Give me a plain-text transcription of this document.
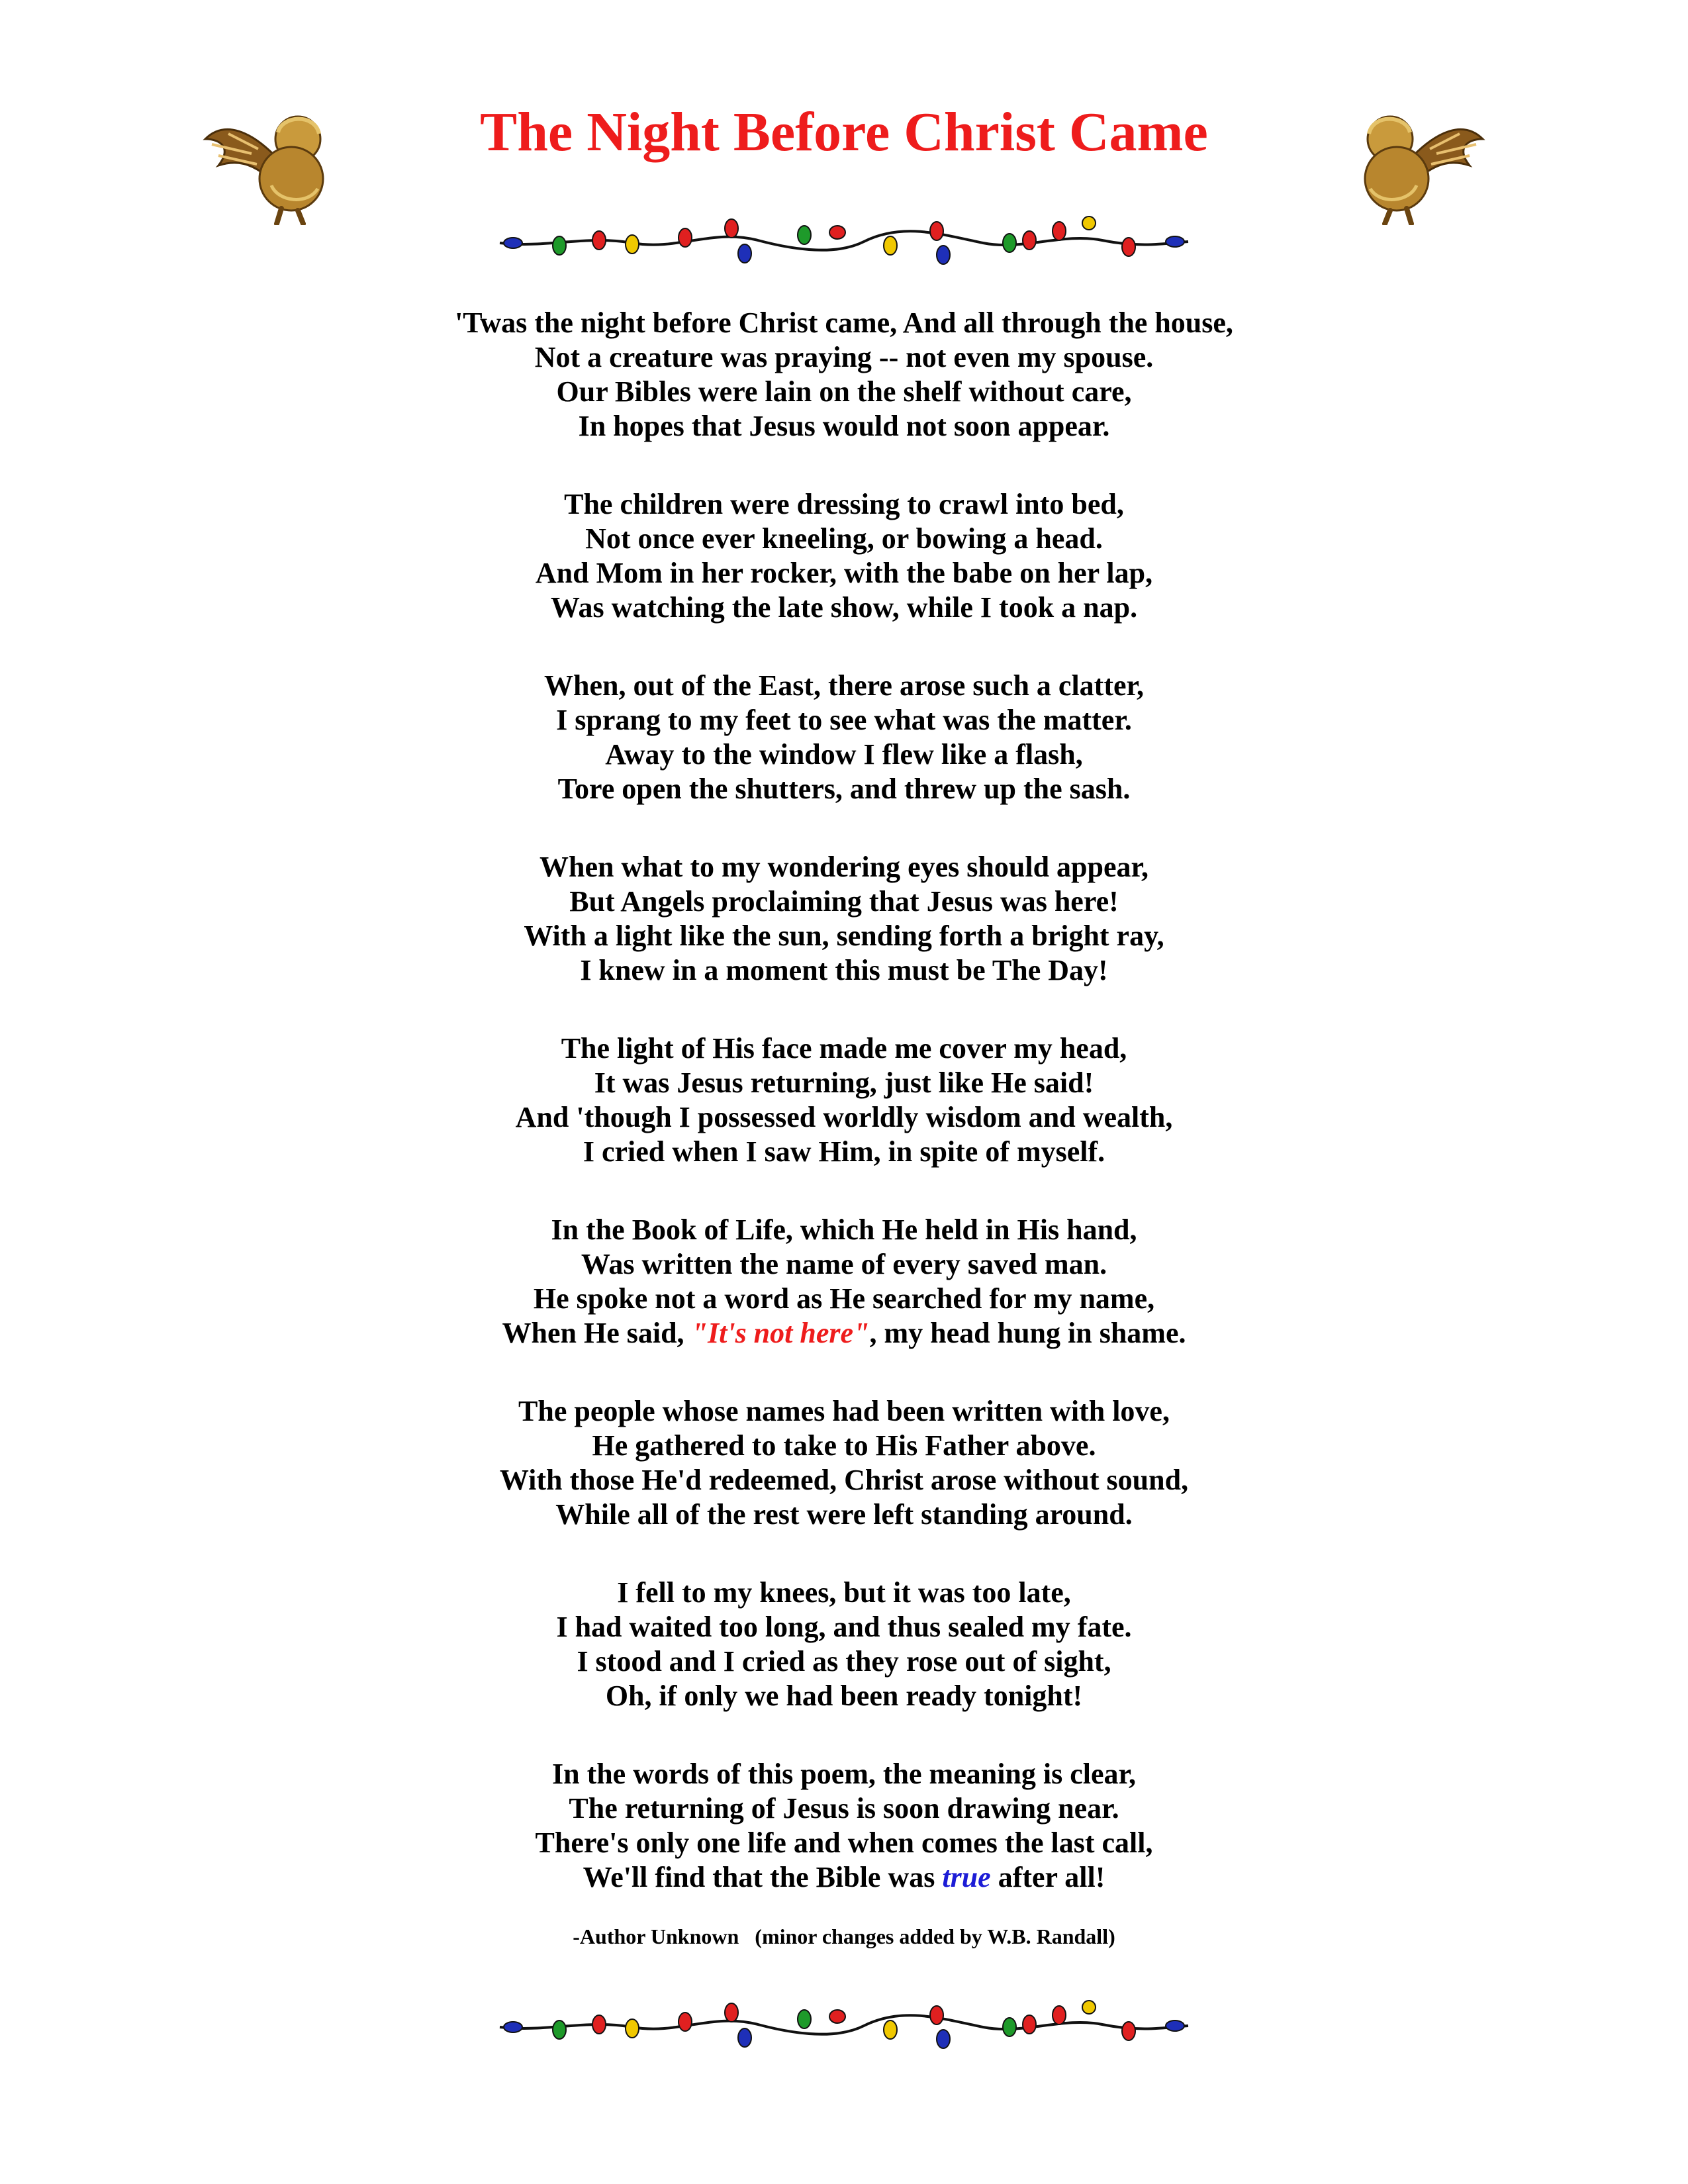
The Night Before Christ Came

'Twas the night before Christ came, And all through the house,
Not a creature was praying -- not even my spouse.
Our Bibles were lain on the shelf without care,
In hopes that Jesus would not soon appear.

The children were dressing to crawl into bed,
Not once ever kneeling, or bowing a head.
And Mom in her rocker, with the babe on her lap,
Was watching the late show, while I took a nap.

When, out of the East, there arose such a clatter,
I sprang to my feet to see what was the matter.
Away to the window I flew like a flash,
Tore open the shutters, and threw up the sash.

When what to my wondering eyes should appear,
But Angels proclaiming that Jesus was here!
With a light like the sun, sending forth a bright ray,
I knew in a moment this must be The Day!

The light of His face made me cover my head,
It was Jesus returning, just like He said!
And 'though I possessed worldly wisdom and wealth,
I cried when I saw Him, in spite of myself.

In the Book of Life, which He held in His hand,
Was written the name of every saved man.
He spoke not a word as He searched for my name,
When He said, "It's not here", my head hung in shame.

The people whose names had been written with love,
He gathered to take to His Father above.
With those He'd redeemed, Christ arose without sound,
While all of the rest were left standing around.

I fell to my knees, but it was too late,
I had waited too long, and thus sealed my fate.
I stood and I cried as they rose out of sight,
Oh, if only we had been ready tonight!

In the words of this poem, the meaning is clear,
The returning of Jesus is soon drawing near.
There's only one life and when comes the last call,
We'll find that the Bible was true after all!

-Author Unknown   (minor changes added by W.B. Randall)
